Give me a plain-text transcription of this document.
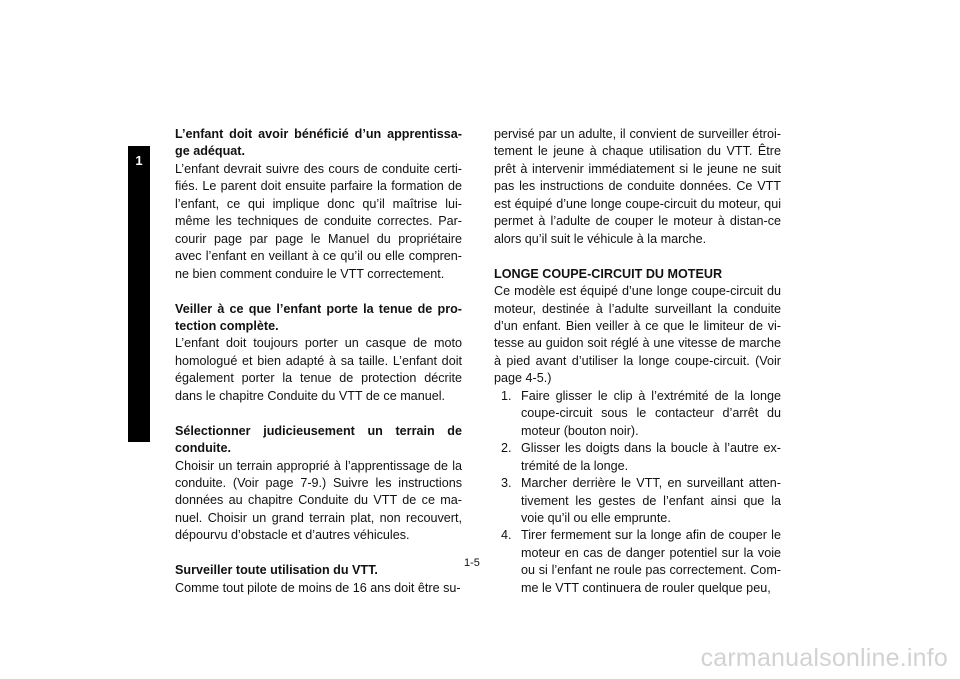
1
L’enfant doit avoir bénéficié d’un apprentissa-ge adéquat.

L’enfant devrait suivre des cours de conduite certi-fiés. Le parent doit ensuite parfaire la formation de l’enfant, ce qui implique donc qu’il maîtrise lui-même les techniques de conduite correctes. Par-courir page par page le Manuel du propriétaire avec l’enfant en veillant à ce qu’il ou elle compren-ne bien comment conduire le VTT correctement.

Veiller à ce que l’enfant porte la tenue de pro-tection complète.

L’enfant doit toujours porter un casque de moto homologué et bien adapté à sa taille. L’enfant doit également porter la tenue de protection décrite dans le chapitre Conduite du VTT de ce manuel.

Sélectionner judicieusement un terrain de conduite.

Choisir un terrain approprié à l’apprentissage de la conduite. (Voir page 7-9.) Suivre les instructions données au chapitre Conduite du VTT de ce ma-nuel. Choisir un grand terrain plat, non recouvert, dépourvu d’obstacle et d’autres véhicules.

Surveiller toute utilisation du VTT.

Comme tout pilote de moins de 16 ans doit être su-

pervisé par un adulte, il convient de surveiller étroi-tement le jeune à chaque utilisation du VTT. Être prêt à intervenir immédiatement si le jeune ne suit pas les instructions de conduite données. Ce VTT est équipé d’une longe coupe-circuit du moteur, qui permet à l’adulte de couper le moteur à distan-ce alors qu’il suit le véhicule à la marche.

LONGE COUPE-CIRCUIT DU MOTEUR

Ce modèle est équipé d’une longe coupe-circuit du moteur, destinée à l’adulte surveillant la conduite d’un enfant. Bien veiller à ce que le limiteur de vi-tesse au guidon soit réglé à une vitesse de marche à pied avant d’utiliser la longe coupe-circuit. (Voir page 4-5.)

1. Faire glisser le clip à l’extrémité de la longe coupe-circuit sous le contacteur d’arrêt du moteur (bouton noir).
2. Glisser les doigts dans la boucle à l’autre ex-trémité de la longe.
3. Marcher derrière le VTT, en surveillant atten-tivement les gestes de l’enfant ainsi que la voie qu’il ou elle emprunte.
4. Tirer fermement sur la longe afin de couper le moteur en cas de danger potentiel sur la voie ou si l’enfant ne roule pas correctement. Com-me le VTT continuera de rouler quelque peu,
1-5
carmanualsonline.info
